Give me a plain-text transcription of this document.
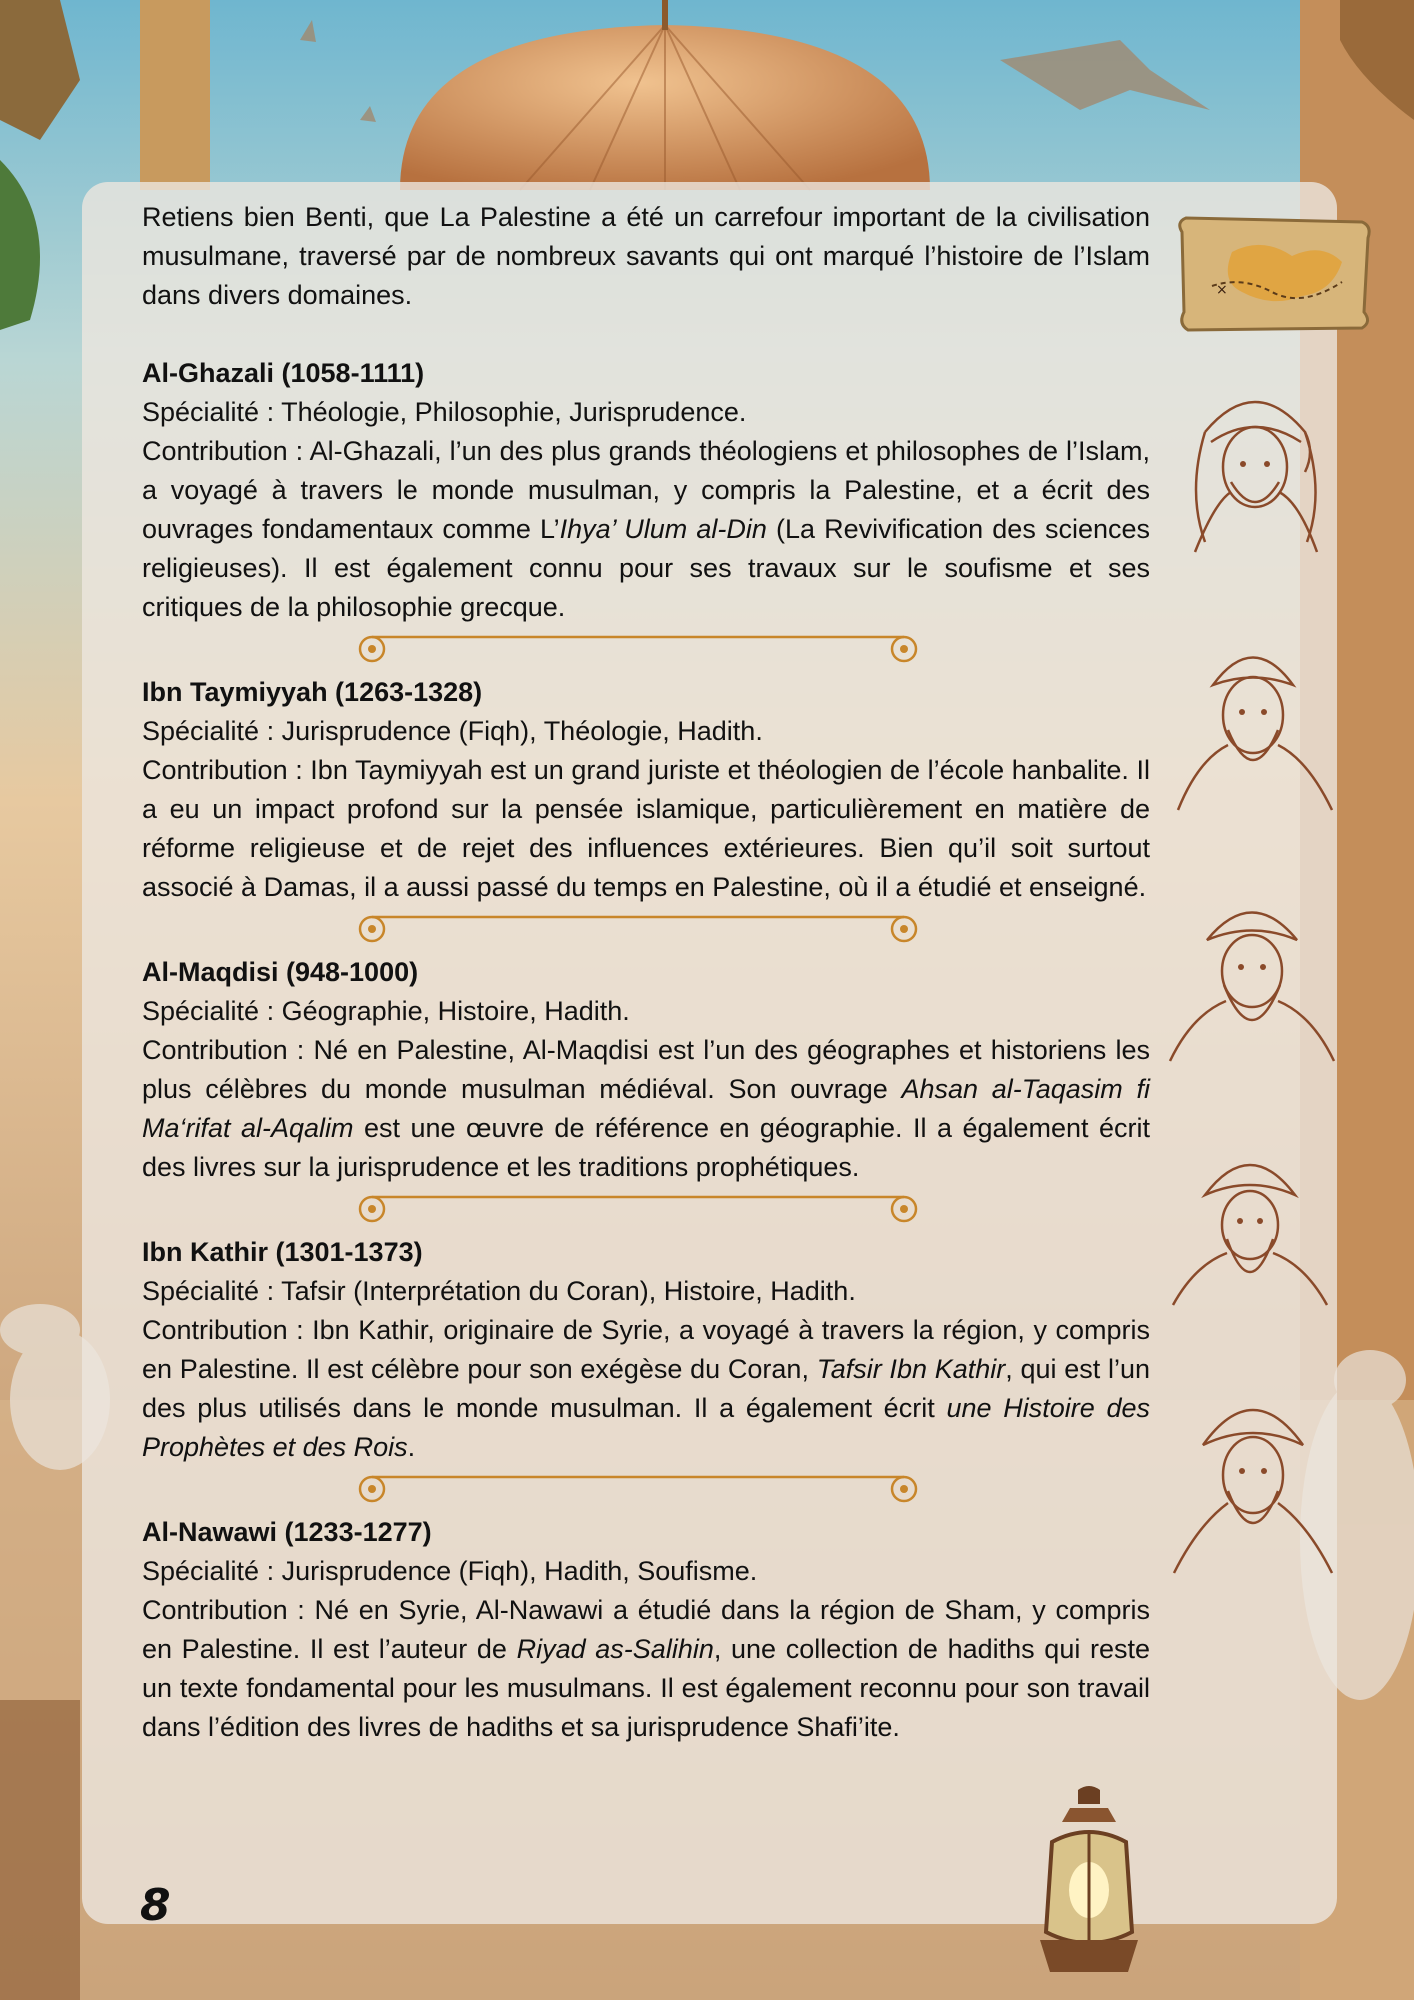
×

Retiens bien Benti, que La Palestine a été un carrefour important de la civilisation musulmane, traversé par de nombreux savants qui ont marqué l’histoire de l’Islam dans divers domaines.

Al-Ghazali (1058-1111)

Spécialité : Théologie, Philosophie, Jurisprudence.

Contribution : Al-Ghazali, l’un des plus grands théologiens et philosophes de l’Islam, a voyagé à travers le monde musulman, y compris la Palestine, et a écrit des ouvrages fondamentaux comme L’Ihya’ Ulum al-Din (La Revivification des sciences religieuses). Il est également connu pour ses travaux sur le soufisme et ses critiques de la philosophie grecque.

Ibn Taymiyyah (1263-1328)

Spécialité : Jurisprudence (Fiqh), Théologie, Hadith.

Contribution : Ibn Taymiyyah est un grand juriste et théologien de l’école hanbalite. Il a eu un impact profond sur la pensée islamique, particulièrement en matière de réforme religieuse et de rejet des influences extérieures. Bien qu’il soit surtout associé à Damas, il a aussi passé du temps en Palestine, où il a étudié et enseigné.

Al-Maqdisi (948-1000)

Spécialité : Géographie, Histoire, Hadith.

Contribution : Né en Palestine, Al-Maqdisi est l’un des géographes et historiens les plus célèbres du monde musulman médiéval. Son ouvrage Ahsan al-Taqasim fi Ma‘rifat al-Aqalim est une œuvre de référence en géographie. Il a également écrit des livres sur la jurisprudence et les traditions prophétiques.

Ibn Kathir (1301-1373)

Spécialité : Tafsir (Interprétation du Coran), Histoire, Hadith.

Contribution : Ibn Kathir, originaire de Syrie, a voyagé à travers la région, y compris en Palestine. Il est célèbre pour son exégèse du Coran, Tafsir Ibn Kathir, qui est l’un des plus utilisés dans le monde musulman. Il a également écrit une Histoire des Prophètes et des Rois.

Al-Nawawi (1233-1277)

Spécialité : Jurisprudence (Fiqh), Hadith, Soufisme.

Contribution : Né en Syrie, Al-Nawawi a étudié dans la région de Sham, y compris en Palestine. Il est l’auteur de Riyad as-Salihin, une collection de hadiths qui reste un texte fondamental pour les musulmans. Il est également reconnu pour son travail dans l’édition des livres de hadiths et sa jurisprudence Shafi’ite.

8
